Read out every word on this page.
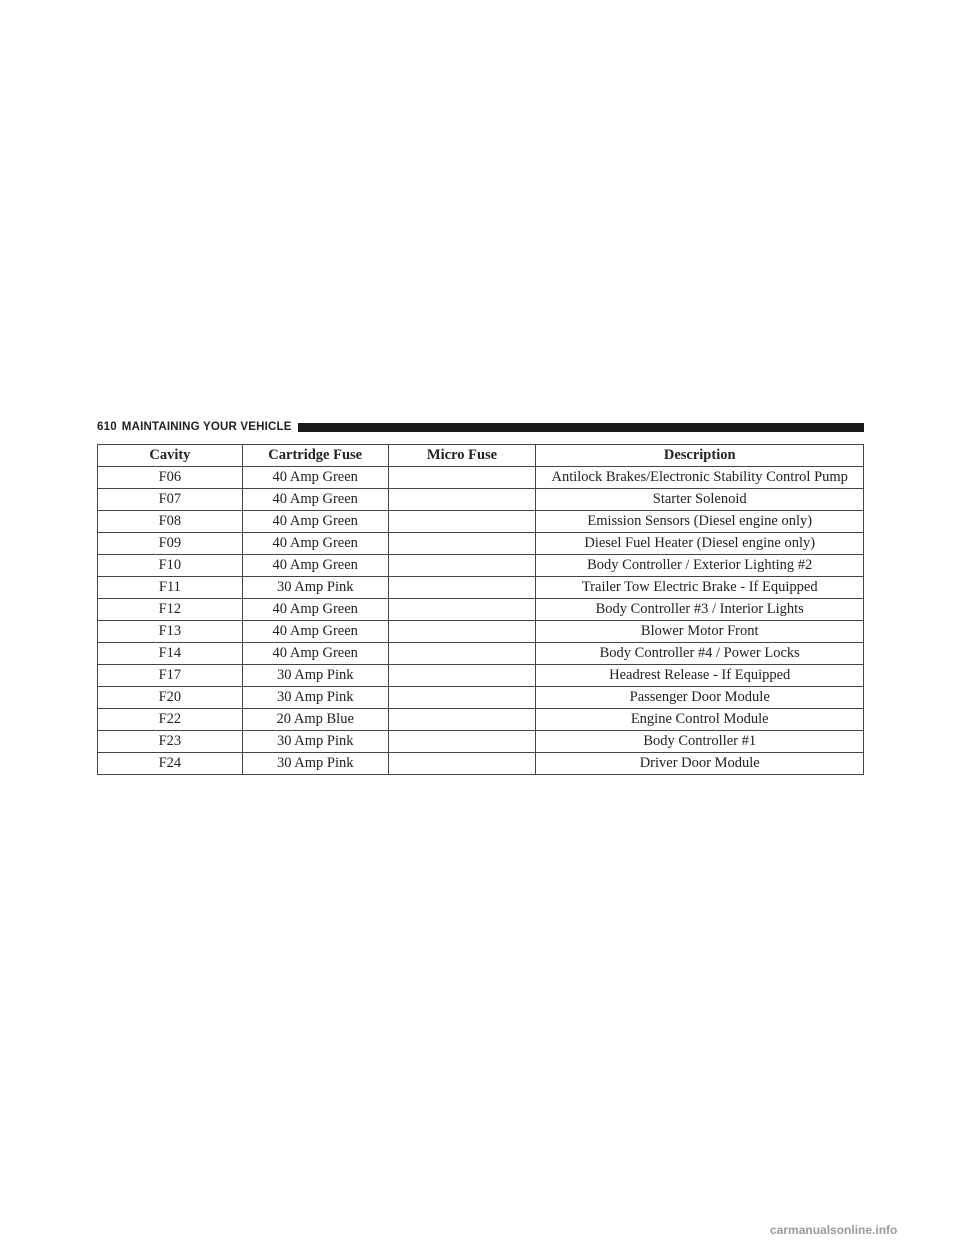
610 MAINTAINING YOUR VEHICLE
Cavity	Cartridge Fuse	Micro Fuse	Description
F06	40 Amp Green		Antilock Brakes/Electronic Stability Control Pump
F07	40 Amp Green		Starter Solenoid
F08	40 Amp Green		Emission Sensors (Diesel engine only)
F09	40 Amp Green		Diesel Fuel Heater (Diesel engine only)
F10	40 Amp Green		Body Controller / Exterior Lighting #2
F11	30 Amp Pink		Trailer Tow Electric Brake - If Equipped
F12	40 Amp Green		Body Controller #3 / Interior Lights
F13	40 Amp Green		Blower Motor Front
F14	40 Amp Green		Body Controller #4 / Power Locks
F17	30 Amp Pink		Headrest Release - If Equipped
F20	30 Amp Pink		Passenger Door Module
F22	20 Amp Blue		Engine Control Module
F23	30 Amp Pink		Body Controller #1
F24	30 Amp Pink		Driver Door Module
carmanualsonline.info
